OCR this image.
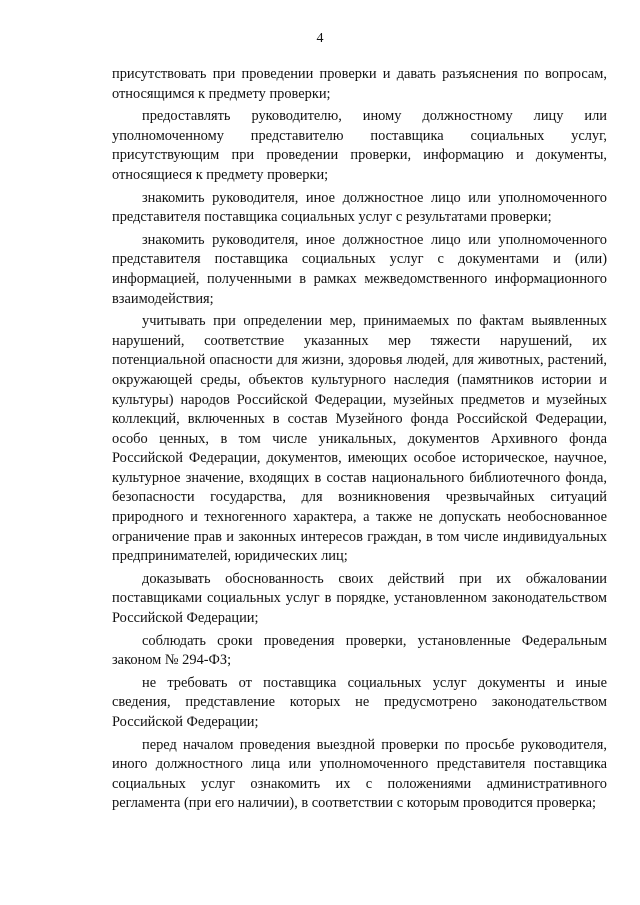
4

присутствовать при проведении проверки и давать разъяснения по вопросам, относящимся к предмету проверки;

предоставлять руководителю, иному должностному лицу или уполномоченному представителю поставщика социальных услуг, присутствующим при проведении проверки, информацию и документы, относящиеся к предмету проверки;

знакомить руководителя, иное должностное лицо или уполномоченного представителя поставщика социальных услуг с результатами проверки;

знакомить руководителя, иное должностное лицо или уполномоченного представителя поставщика социальных услуг с документами и (или) информацией, полученными в рамках межведомственного информационного взаимодействия;

учитывать при определении мер, принимаемых по фактам выявленных нарушений, соответствие указанных мер тяжести нарушений, их потенциальной опасности для жизни, здоровья людей, для животных, растений, окружающей среды, объектов культурного наследия (памятников истории и культуры) народов Российской Федерации, музейных предметов и музейных коллекций, включенных в состав Музейного фонда Российской Федерации, особо ценных, в том числе уникальных, документов Архивного фонда Российской Федерации, документов, имеющих особое историческое, научное, культурное значение, входящих в состав национального библиотечного фонда, безопасности государства, для возникновения чрезвычайных ситуаций природного и техногенного характера, а также не допускать необоснованное ограничение прав и законных интересов граждан, в том числе индивидуальных предпринимателей, юридических лиц;

доказывать обоснованность своих действий при их обжаловании поставщиками социальных услуг в порядке, установленном законодательством Российской Федерации;

соблюдать сроки проведения проверки, установленные Федеральным законом № 294-ФЗ;

не требовать от поставщика социальных услуг документы и иные сведения, представление которых не предусмотрено законодательством Российской Федерации;

перед началом проведения выездной проверки по просьбе руководителя, иного должностного лица или уполномоченного представителя поставщика социальных услуг ознакомить их с положениями административного регламента (при его наличии), в соответствии с которым проводится проверка;
